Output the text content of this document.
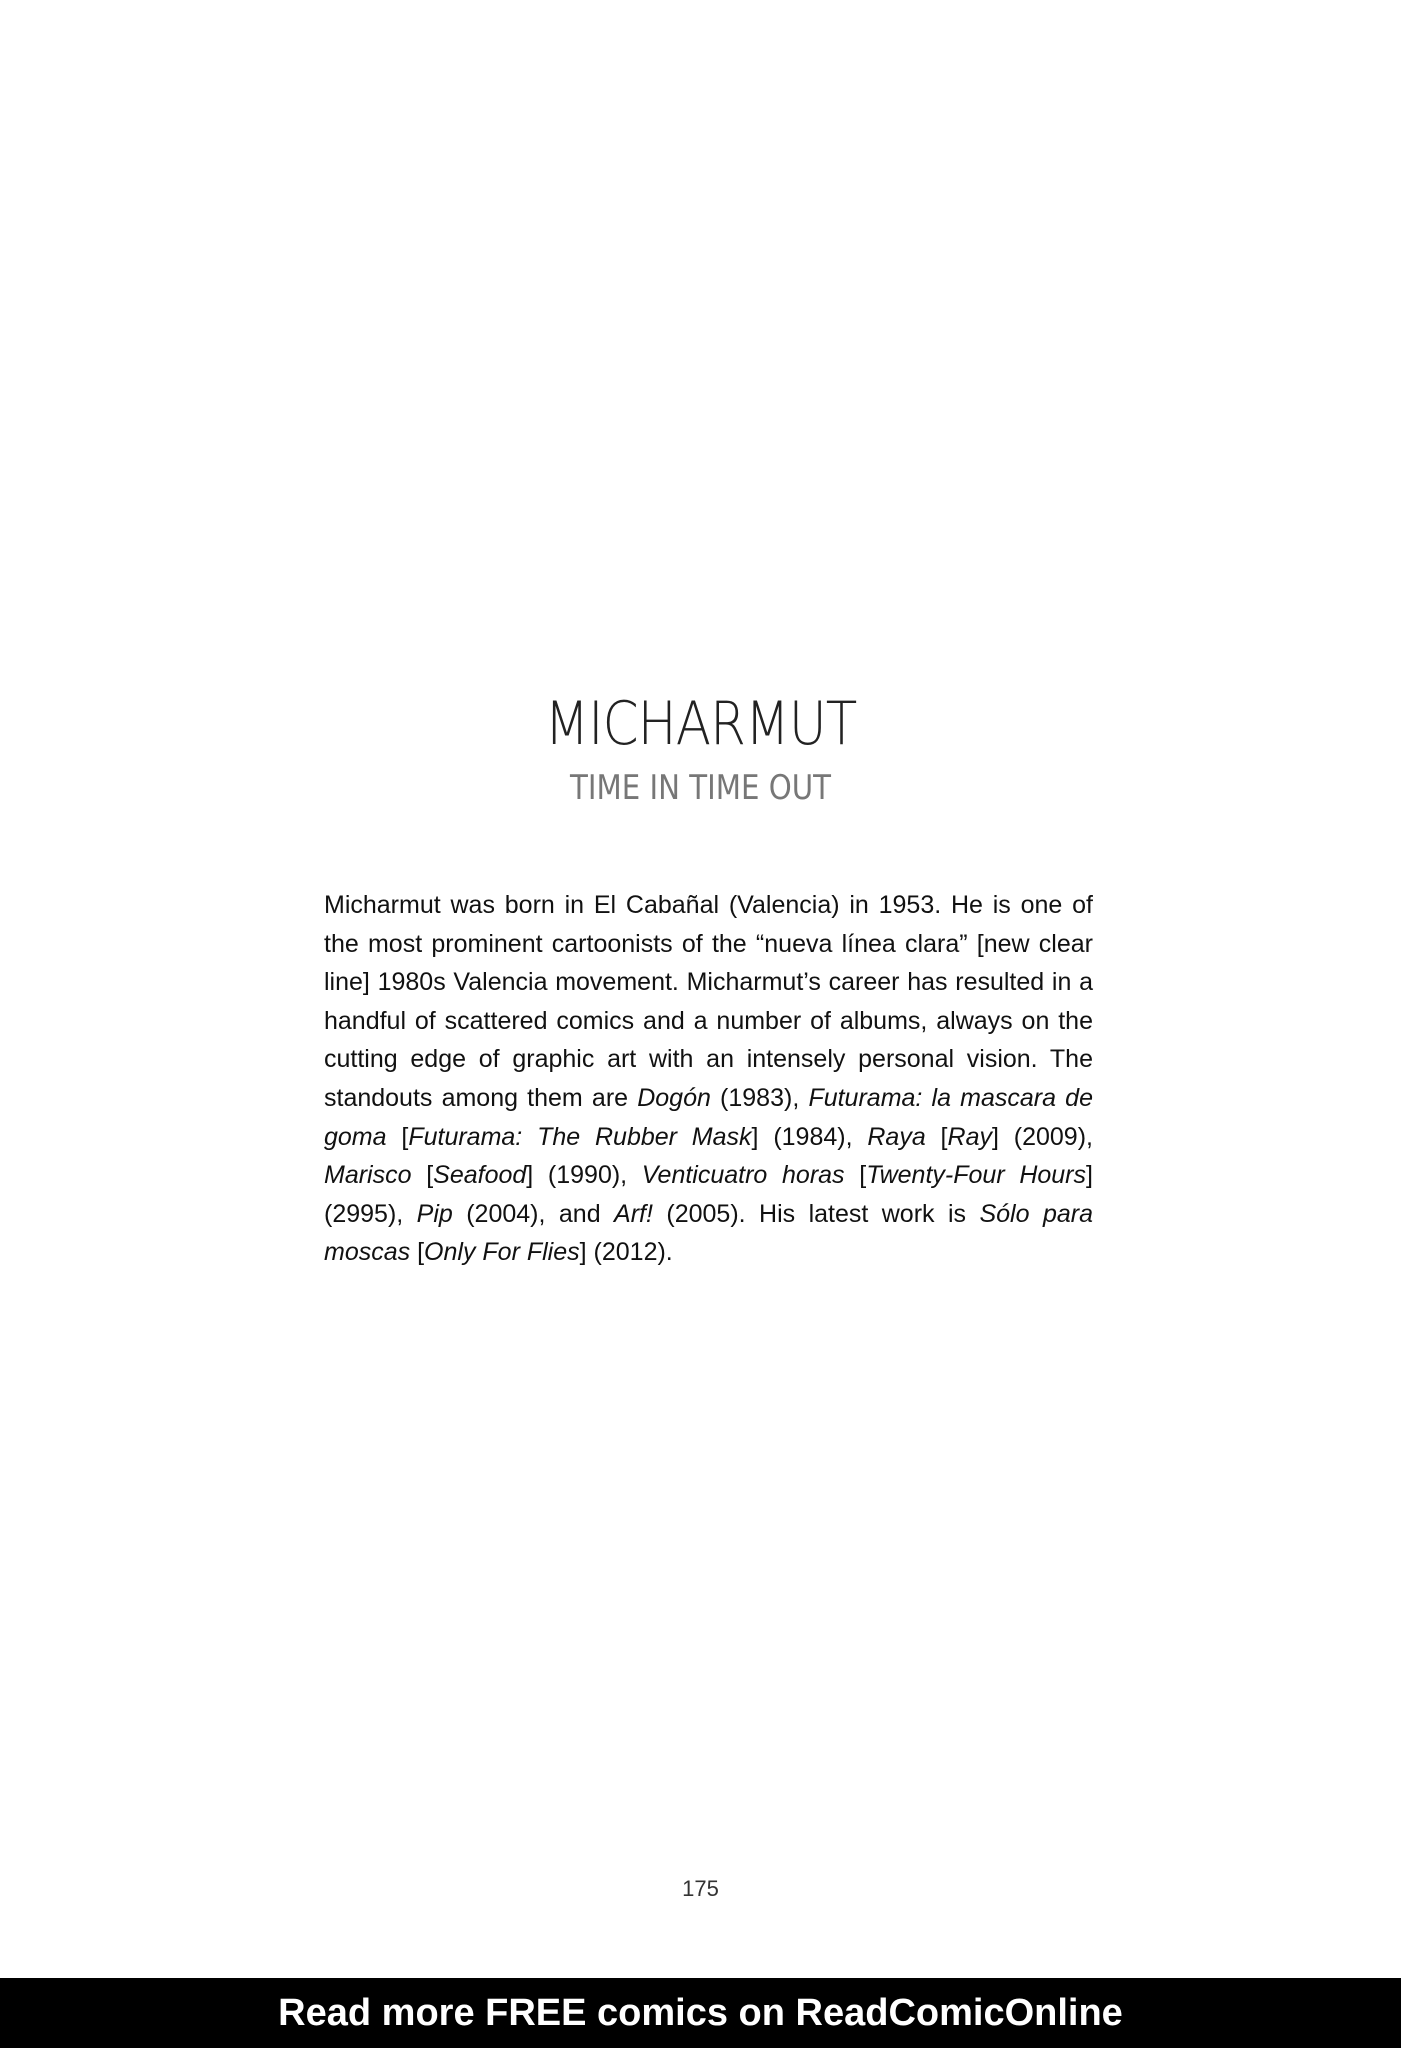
MICHARMUT
TIME IN TIME OUT

Micharmut was born in El Cabañal (Valencia) in 1953. He is one of the most prominent cartoonists of the “nueva línea clara” [new clear line] 1980s Valencia movement. Micharmut’s career has resulted in a handful of scattered comics and a number of albums, always on the cutting edge of graphic art with an intensely personal vision. The standouts among them are Dogón (1983), Futurama: la mascara de goma [Futurama: The Rubber Mask] (1984), Raya [Ray] (2009), Marisco [Seafood] (1990), Venticuatro horas [Twenty-Four Hours] (2995), Pip (2004), and Arf! (2005). His latest work is Sólo para moscas [Only For Flies] (2012).

175
Read more FREE comics on ReadComicOnline
